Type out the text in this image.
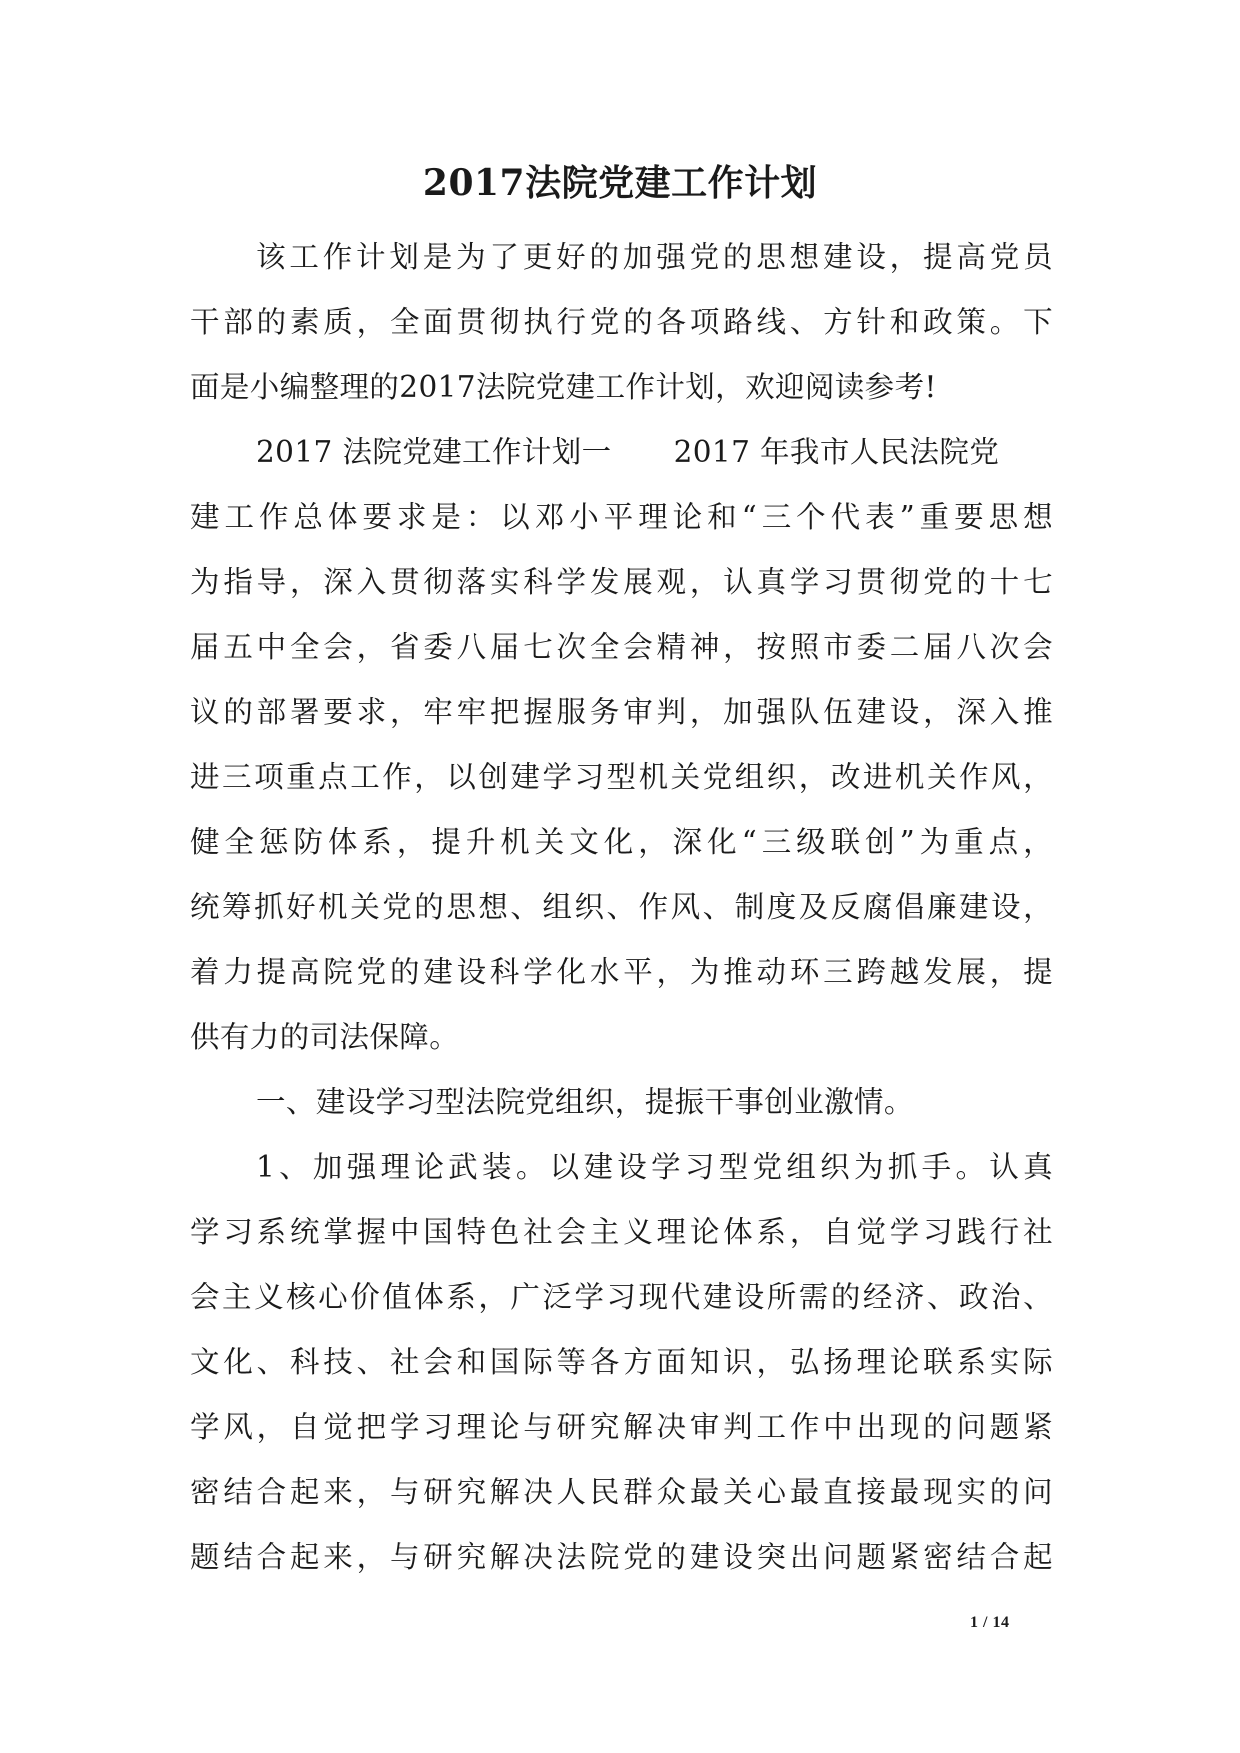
2017法院党建工作计划
该工作计划是为了更好的加强党的思想建设，提高党员
干部的素质，全面贯彻执行党的各项路线、方针和政策。下
面是小编整理的2017法院党建工作计划，欢迎阅读参考!
2017 法院党建工作计划一 2017 年我市人民法院党
建工作总体要求是：以邓小平理论和“三个代表”重要思想
为指导，深入贯彻落实科学发展观，认真学习贯彻党的十七
届五中全会，省委八届七次全会精神，按照市委二届八次会
议的部署要求，牢牢把握服务审判，加强队伍建设，深入推
进三项重点工作，以创建学习型机关党组织，改进机关作风，
健全惩防体系，提升机关文化，深化“三级联创”为重点，
统筹抓好机关党的思想、组织、作风、制度及反腐倡廉建设，
着力提高院党的建设科学化水平，为推动环三跨越发展，提
供有力的司法保障。
一、建设学习型法院党组织，提振干事创业激情。
1、加强理论武装。以建设学习型党组织为抓手。认真
学习系统掌握中国特色社会主义理论体系，自觉学习践行社
会主义核心价值体系，广泛学习现代建设所需的经济、政治、
文化、科技、社会和国际等各方面知识，弘扬理论联系实际
学风，自觉把学习理论与研究解决审判工作中出现的问题紧
密结合起来，与研究解决人民群众最关心最直接最现实的问
题结合起来，与研究解决法院党的建设突出问题紧密结合起
1 / 14
